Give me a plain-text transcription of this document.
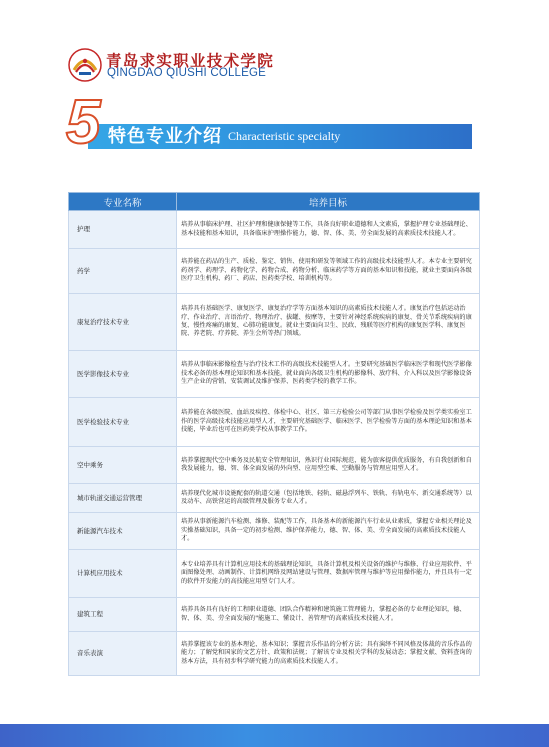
青岛求实职业技术学院
QINGDAO QIUSHI COLLEGE
5 特色专业介绍 Characteristic specialty
专业名称	培养目标
护理	培养从事临床护理、社区护理和健康保健等工作，具备良好职业道德和人文素质，掌握护理专业基础理论、基本技能和基本知识，具备临床护理操作能力，德、智、体、美、劳全面发展的高素质技术技能人才。
药学	培养能在药品的生产、质检、鉴定、销售、使用和研发等领域工作的高级技术技能型人才。本专业主要研究药剂学、药理学、药物化学、药物合成、药物分析、临床药学等方面的基本知识和技能，就业主要面向各级医疗卫生机构、药厂、药店、医药类学校、培训机构等。
康复治疗技术专业	培养具有基础医学、康复医学、康复治疗学等方面基本知识的高素质技术技能人才。康复治疗包括运动治疗、作业治疗、言语治疗、物理治疗、拔罐、按摩等，主要针对神经系统疾病的康复、骨关节系统疾病的康复、慢性疼痛的康复、心肺功能康复。就业主要面向卫生、民政、残联等医疗机构的康复医学科、康复医院、养老院、疗养院、养生会所等热门领域。
医学影像技术专业	培养从事临床影像检查与治疗技术工作的高级技术技能型人才。主要研究基础医学临床医学和现代医学影像技术必备的基本理论知识和基本技能，就业面向各级卫生机构的影像科、放疗科、介入科以及医学影像设备生产企业的营销、安装调试及维护保养、医药类学校的教学工作。
医学检验技术专业	培养能在各级医院、血站及疾控、体检中心、社区、第三方检验公司等部门从事医学检验及医学类实验室工作的医学高级技术技能应用型人才，主要研究基础医学、临床医学、医学检验等方面的基本理论知识和基本技能，毕业后也可在医药类学校从事教学工作。
空中乘务	培养掌握现代空中乘务及民航安全管理知识，熟识行业国际规范，能为旅客提供优质服务，有自我创新和自我发展能力，德、智、体全面发展的外向型、应用型空乘、空勤服务与管理应用型人才。
城市轨道交通运营管理	培养现代化城市设施配套的轨道交通（包括地铁、轻轨、磁悬浮列车、铁轨、有轨电车、新交通系统等）以及动车、高铁营运的高级管理及服务专业人才。
新能源汽车技术	培养从事新能源汽车检测、维修、装配等工作，具备基本的新能源汽车行业从业素质，掌握专业相关理论及实操基础知识，具备一定的初步检测、维护保养能力，德、智、体、美、劳全面发展的高素质技术技能人才。
计算机应用技术	本专业培养具有计算机应用技术的基础理论知识，具备计算机及相关设备的维护与维修、行业应用软件、平面图像处理、动画制作、计算机网络及网站建设与管理、数据库管理与维护等应用操作能力，并且具有一定的软件开发能力的高技能应用型专门人才。
建筑工程	培养具备具有良好的工程职业道德、团队合作精神和建筑施工管理能力，掌握必备的专业理论知识，德、智、体、美、劳全面发展的"能施工、懂设计、善管理"的高素质技术技能人才。
音乐表演	培养掌握该专业的基本理论、基本知识；掌握音乐作品的分析方法；具有演绎不同风格及体裁的音乐作品的能力；了解党和国家的文艺方针、政策和法规；了解该专业及相关学科的发展动态；掌握文献、资料查询的基本方法，具有初步科学研究能力的高素质技术技能人才。
